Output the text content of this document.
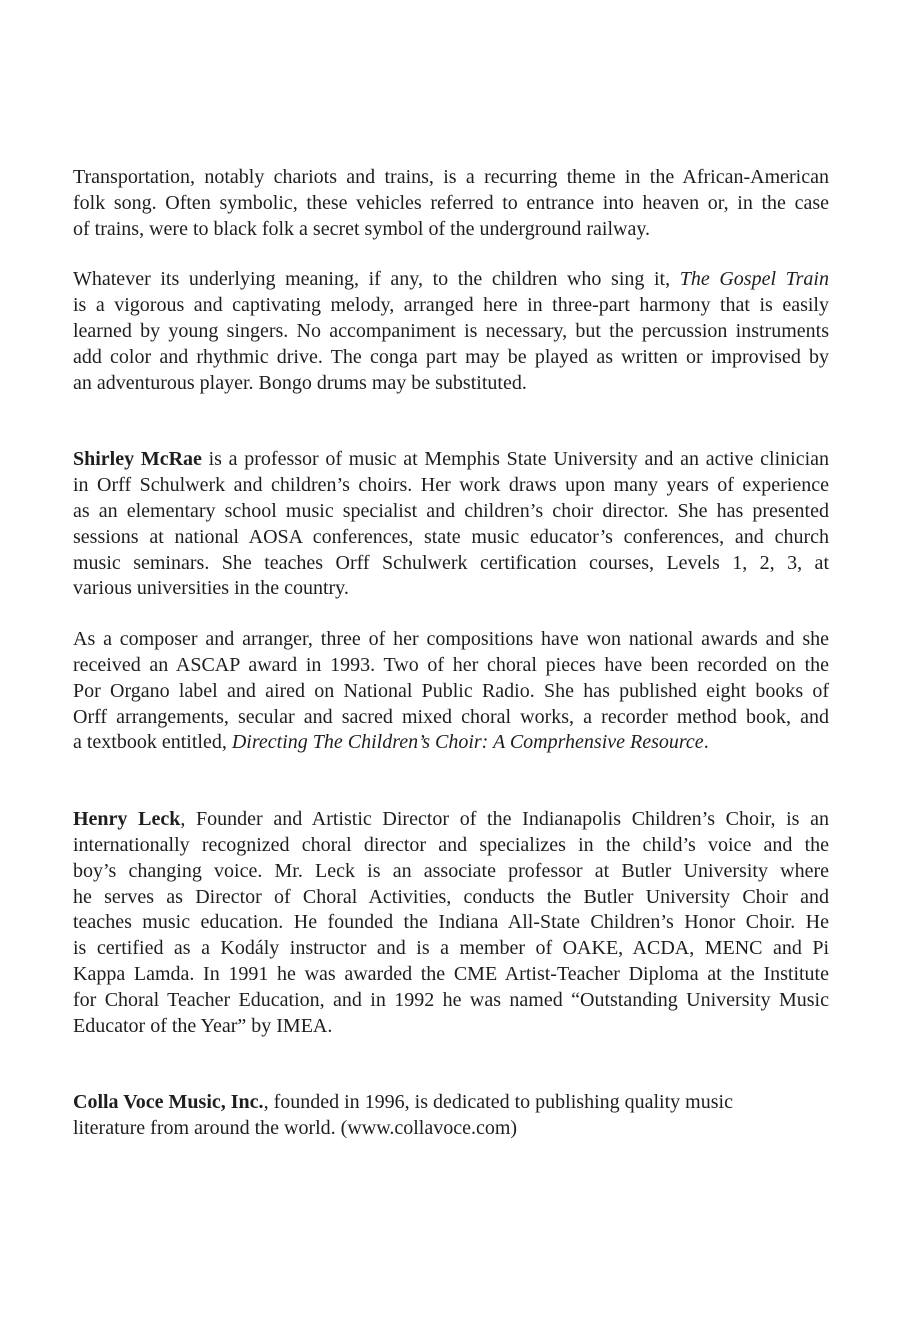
Transportation, notably chariots and trains, is a recurring theme in the African-American
folk song. Often symbolic, these vehicles referred to entrance into heaven or, in the case
of trains, were to black folk a secret symbol of the underground railway.

Whatever its underlying meaning, if any, to the children who sing it, The Gospel Train
is a vigorous and captivating melody, arranged here in three-part harmony that is easily
learned by young singers. No accompaniment is necessary, but the percussion instruments
add color and rhythmic drive. The conga part may be played as written or improvised by
an adventurous player. Bongo drums may be substituted.

Shirley McRae is a professor of music at Memphis State University and an active clinician
in Orff Schulwerk and children’s choirs. Her work draws upon many years of experience
as an elementary school music specialist and children’s choir director. She has presented
sessions at national AOSA conferences, state music educator’s conferences, and church
music seminars. She teaches Orff Schulwerk certification courses, Levels 1, 2, 3, at
various universities in the country.

As a composer and arranger, three of her compositions have won national awards and she
received an ASCAP award in 1993. Two of her choral pieces have been recorded on the
Por Organo label and aired on National Public Radio. She has published eight books of
Orff arrangements, secular and sacred mixed choral works, a recorder method book, and
a textbook entitled, Directing The Children’s Choir: A Comprhensive Resource.

Henry Leck, Founder and Artistic Director of the Indianapolis Children’s Choir, is an
internationally recognized choral director and specializes in the child’s voice and the
boy’s changing voice. Mr. Leck is an associate professor at Butler University where
he serves as Director of Choral Activities, conducts the Butler University Choir and
teaches music education. He founded the Indiana All-State Children’s Honor Choir. He
is certified as a Kodály instructor and is a member of OAKE, ACDA, MENC and Pi
Kappa Lamda. In 1991 he was awarded the CME Artist-Teacher Diploma at the Institute
for Choral Teacher Education, and in 1992 he was named “Outstanding University Music
Educator of the Year” by IMEA.

Colla Voce Music, Inc., founded in 1996, is dedicated to publishing quality music
literature from around the world. (www.collavoce.com)
